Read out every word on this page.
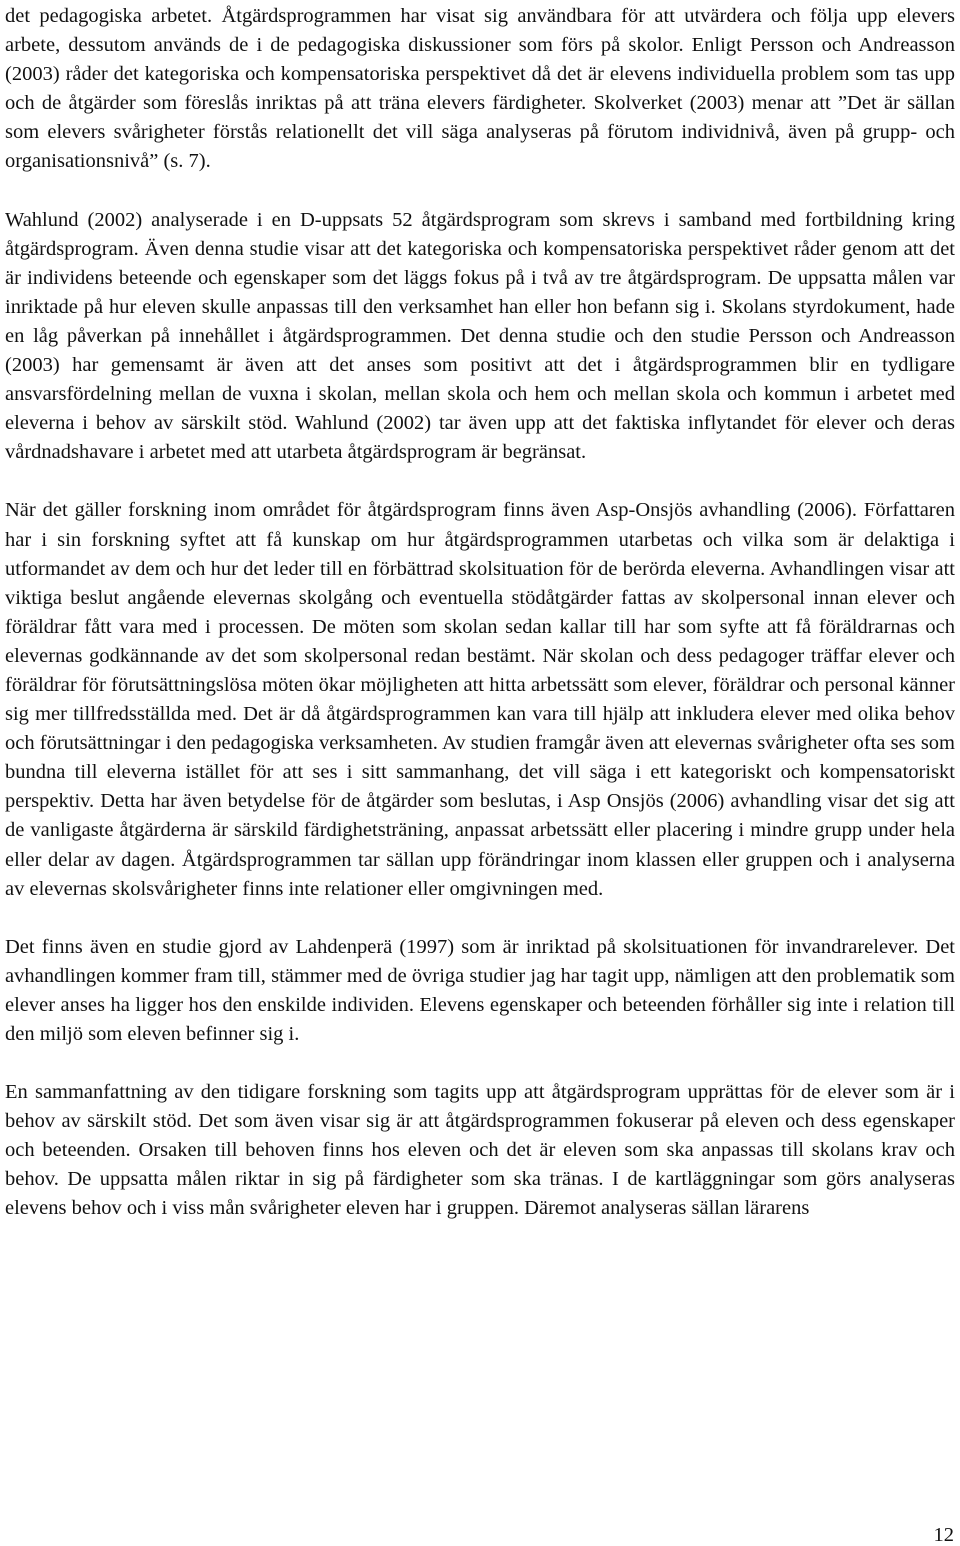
det pedagogiska arbetet. Åtgärdsprogrammen har visat sig användbara för att utvärdera och följa upp elevers arbete, dessutom används de i de pedagogiska diskussioner som förs på skolor. Enligt Persson och Andreasson (2003) råder det kategoriska och kompensatoriska perspektivet då det är elevens individuella problem som tas upp och de åtgärder som föreslås inriktas på att träna elevers färdigheter. Skolverket (2003) menar att ”Det är sällan som elevers svårigheter förstås relationellt det vill säga analyseras på förutom individnivå, även på grupp- och organisationsnivå” (s. 7).

Wahlund (2002) analyserade i en D-uppsats 52 åtgärdsprogram som skrevs i samband med fortbildning kring åtgärdsprogram. Även denna studie visar att det kategoriska och kompensatoriska perspektivet råder genom att det är individens beteende och egenskaper som det läggs fokus på i två av tre åtgärdsprogram. De uppsatta målen var inriktade på hur eleven skulle anpassas till den verksamhet han eller hon befann sig i. Skolans styrdokument, hade en låg påverkan på innehållet i åtgärdsprogrammen. Det denna studie och den studie Persson och Andreasson (2003) har gemensamt är även att det anses som positivt att det i åtgärdsprogrammen blir en tydligare ansvarsfördelning mellan de vuxna i skolan, mellan skola och hem och mellan skola och kommun i arbetet med eleverna i behov av särskilt stöd. Wahlund (2002) tar även upp att det faktiska inflytandet för elever och deras vårdnadshavare i arbetet med att utarbeta åtgärdsprogram är begränsat.

När det gäller forskning inom området för åtgärdsprogram finns även Asp-Onsjös avhandling (2006). Författaren har i sin forskning syftet att få kunskap om hur åtgärdsprogrammen utarbetas och vilka som är delaktiga i utformandet av dem och hur det leder till en förbättrad skolsituation för de berörda eleverna. Avhandlingen visar att viktiga beslut angående elevernas skolgång och eventuella stödåtgärder fattas av skolpersonal innan elever och föräldrar fått vara med i processen. De möten som skolan sedan kallar till har som syfte att få föräldrarnas och elevernas godkännande av det som skolpersonal redan bestämt. När skolan och dess pedagoger träffar elever och föräldrar för förutsättningslösa möten ökar möjligheten att hitta arbetssätt som elever, föräldrar och personal känner sig mer tillfredsställda med. Det är då åtgärdsprogrammen kan vara till hjälp att inkludera elever med olika behov och förutsättningar i den pedagogiska verksamheten. Av studien framgår även att elevernas svårigheter ofta ses som bundna till eleverna istället för att ses i sitt sammanhang, det vill säga i ett kategoriskt och kompensatoriskt perspektiv. Detta har även betydelse för de åtgärder som beslutas, i Asp Onsjös (2006) avhandling visar det sig att de vanligaste åtgärderna är särskild färdighetsträning, anpassat arbetssätt eller placering i mindre grupp under hela eller delar av dagen. Åtgärdsprogrammen tar sällan upp förändringar inom klassen eller gruppen och i analyserna av elevernas skolsvårigheter finns inte relationer eller omgivningen med.

Det finns även en studie gjord av Lahdenperä (1997) som är inriktad på skolsituationen för invandrarelever. Det avhandlingen kommer fram till, stämmer med de övriga studier jag har tagit upp, nämligen att den problematik som elever anses ha ligger hos den enskilde individen. Elevens egenskaper och beteenden förhåller sig inte i relation till den miljö som eleven befinner sig i.

En sammanfattning av den tidigare forskning som tagits upp att åtgärdsprogram upprättas för de elever som är i behov av särskilt stöd. Det som även visar sig är att åtgärdsprogrammen fokuserar på eleven och dess egenskaper och beteenden. Orsaken till behoven finns hos eleven och det är eleven som ska anpassas till skolans krav och behov. De uppsatta målen riktar in sig på färdigheter som ska tränas. I de kartläggningar som görs analyseras elevens behov och i viss mån svårigheter eleven har i gruppen. Däremot analyseras sällan lärarens

12
